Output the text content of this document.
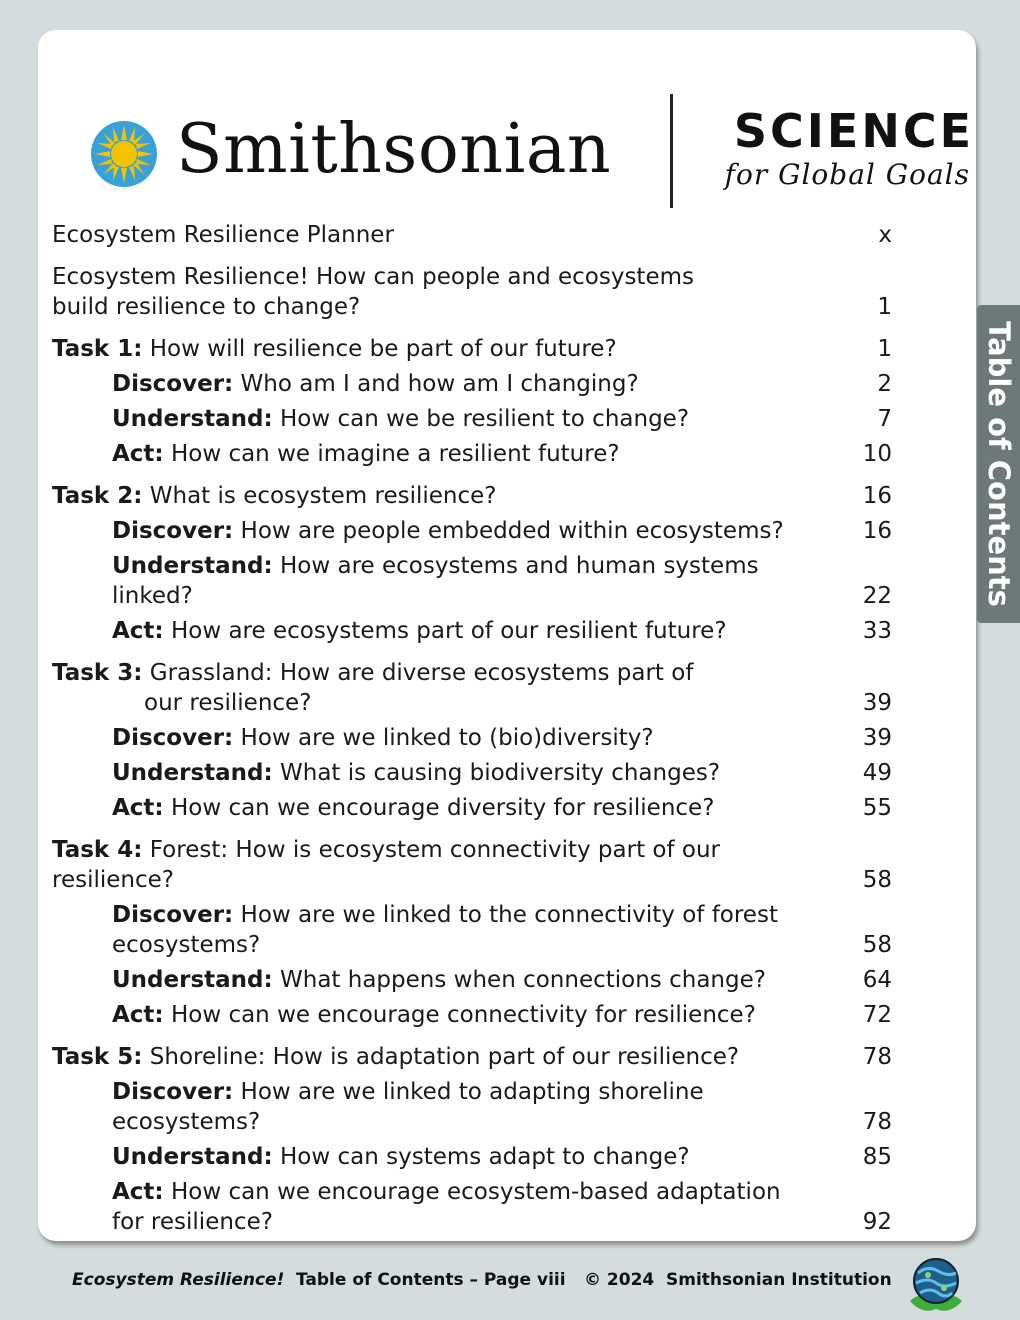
Smithsonian	SCIENCE
for Global Goals
Ecosystem Resilience Planner	x
Ecosystem Resilience! How can people and ecosystems
build resilience to change?	1
Task 1: How will resilience be part of our future?	1
Discover: Who am I and how am I changing?	2
Understand: How can we be resilient to change?	7
Act: How can we imagine a resilient future?	10
Task 2: What is ecosystem resilience?	16
Discover: How are people embedded within ecosystems?	16
Understand: How are ecosystems and human systems linked?	22
Act: How are ecosystems part of our resilient future?	33
Task 3: Grassland: How are diverse ecosystems part of
our resilience?	39
Discover: How are we linked to (bio)diversity?	39
Understand: What is causing biodiversity changes?	49
Act: How can we encourage diversity for resilience?	55
Task 4: Forest: How is ecosystem connectivity part of our resilience?	58
Discover: How are we linked to the connectivity of forest
ecosystems?	58
Understand: What happens when connections change?	64
Act: How can we encourage connectivity for resilience?	72
Task 5: Shoreline: How is adaptation part of our resilience?	78
Discover: How are we linked to adapting shoreline ecosystems?	78
Understand: How can systems adapt to change?	85
Act: How can we encourage ecosystem-based adaptation
for resilience?	92
Table of Contents
Ecosystem Resilience! Table of Contents – Page viii © 2024 Smithsonian Institution
